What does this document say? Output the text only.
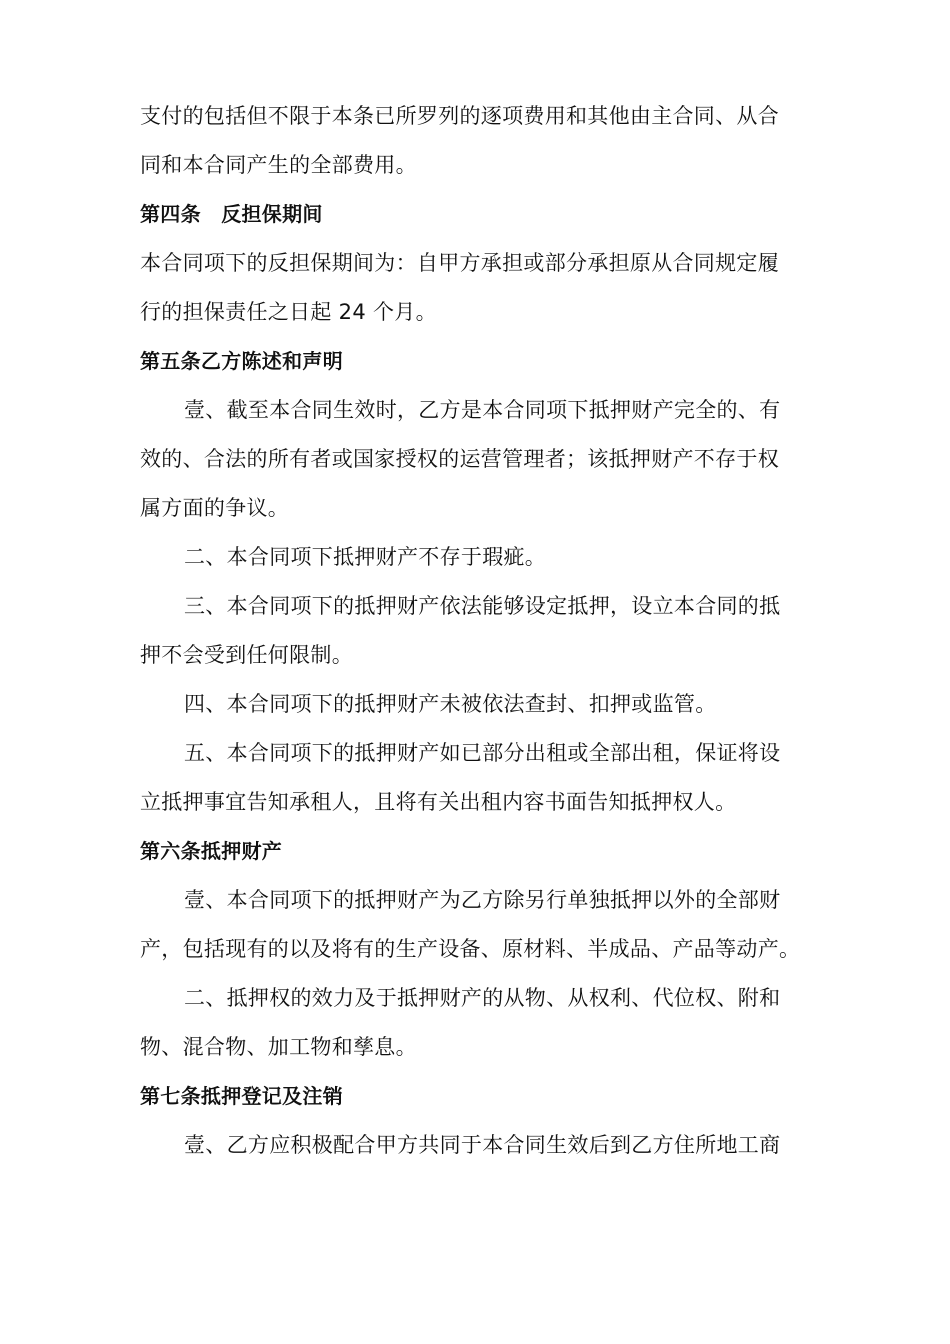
支付的包括但不限于本条已所罗列的逐项费用和其他由主合同、从合
同和本合同产生的全部费用。
第四条　反担保期间
本合同项下的反担保期间为：自甲方承担或部分承担原从合同规定履
行的担保责任之日起 24 个月。
第五条乙方陈述和声明
壹、截至本合同生效时，乙方是本合同项下抵押财产完全的、有
效的、合法的所有者或国家授权的运营管理者；该抵押财产不存于权
属方面的争议。
二、本合同项下抵押财产不存于瑕疵。
三、本合同项下的抵押财产依法能够设定抵押，设立本合同的抵
押不会受到任何限制。
四、本合同项下的抵押财产未被依法查封、扣押或监管。
五、本合同项下的抵押财产如已部分出租或全部出租，保证将设
立抵押事宜告知承租人，且将有关出租内容书面告知抵押权人。
第六条抵押财产
壹、本合同项下的抵押财产为乙方除另行单独抵押以外的全部财
产，包括现有的以及将有的生产设备、原材料、半成品、产品等动产。
二、抵押权的效力及于抵押财产的从物、从权利、代位权、附和
物、混合物、加工物和孳息。
第七条抵押登记及注销
壹、乙方应积极配合甲方共同于本合同生效后到乙方住所地工商
